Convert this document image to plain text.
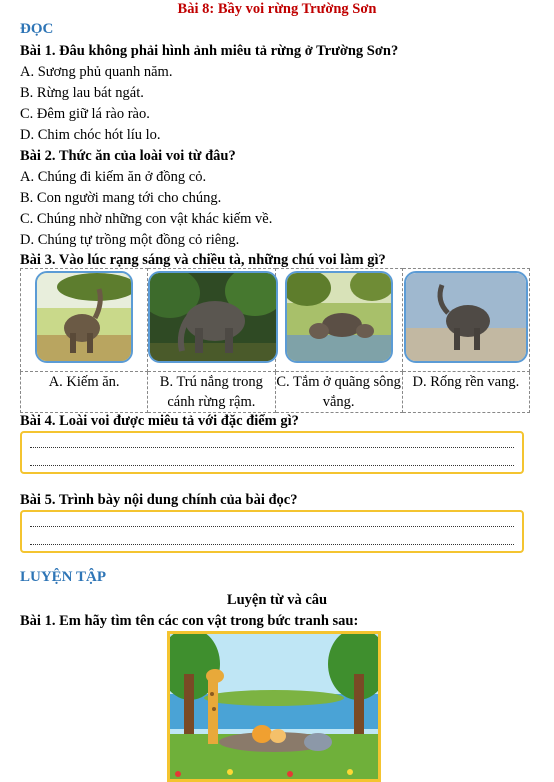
Bài 8: Bầy voi rừng Trường Sơn
ĐỌC
Bài 1. Đâu không phải hình ảnh miêu tả rừng ở Trường Sơn?
A. Sương phủ quanh năm.
B. Rừng lau bát ngát.
C. Đêm giữ lá rào rào.
D. Chim chóc hót líu lo.
Bài 2. Thức ăn của loài voi từ đâu?
A. Chúng đi kiếm ăn ở đồng cỏ.
B. Con người mang tới cho chúng.
C. Chúng nhờ những con vật khác kiếm về.
D. Chúng tự trồng một đồng cỏ riêng.
Bài 3. Vào lúc rạng sáng và chiều tà, những chú voi làm gì?

A. Kiếm ăn.	B. Trú nắng trong cánh rừng rậm.	C. Tắm ở quãng sông vắng.	D. Rống rền vang.
Bài 4. Loài voi được miêu tả với đặc điểm gì?
Bài 5. Trình bày nội dung chính của bài đọc?
LUYỆN TẬP
Luyện từ và câu
Bài 1. Em hãy tìm tên các con vật trong bức tranh sau:
